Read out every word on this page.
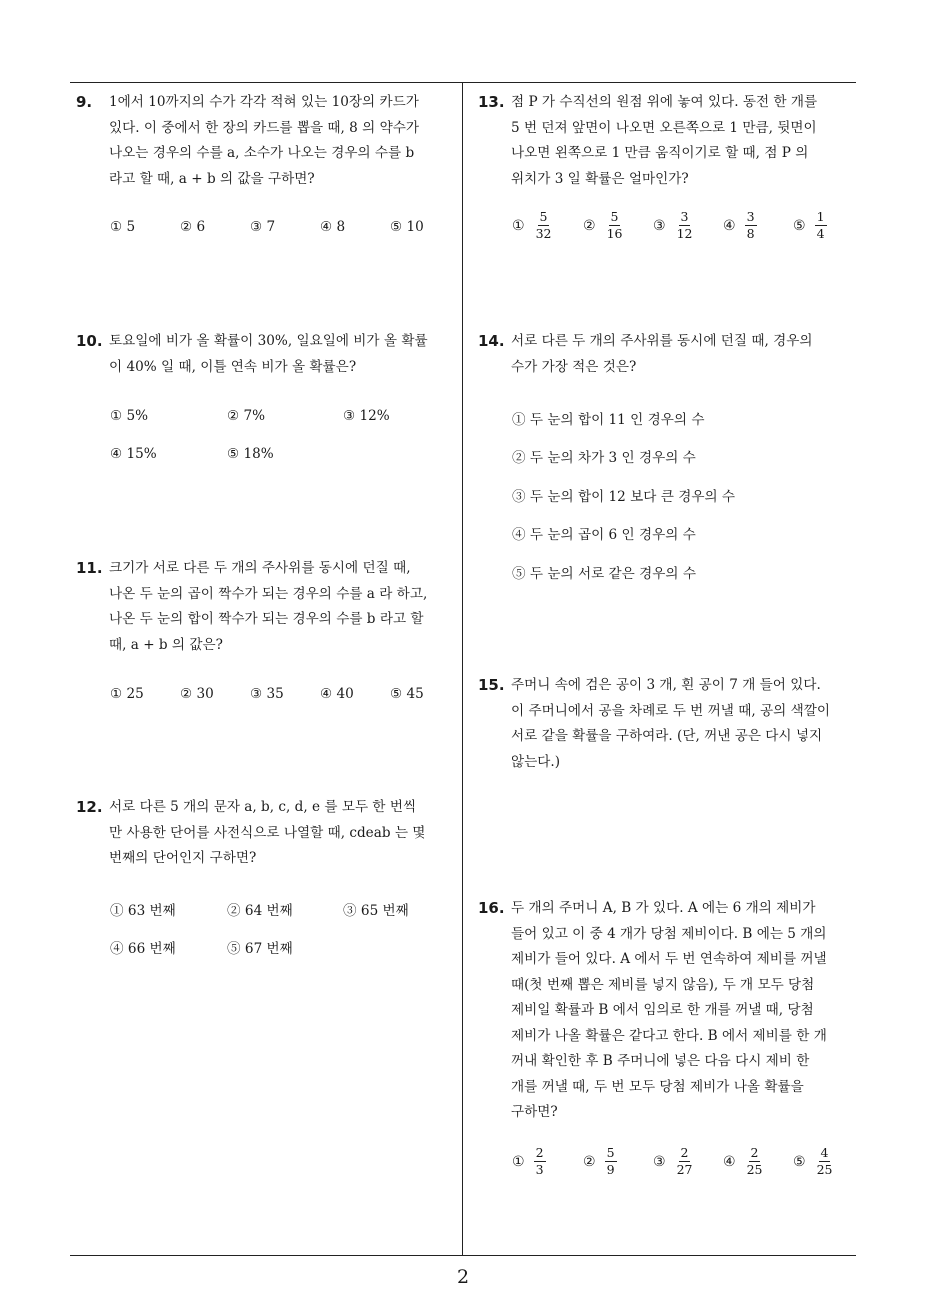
2
9. 1에서 10까지의 수가 각각 적혀 있는 10장의 카드가
있다. 이 중에서 한 장의 카드를 뽑을 때, 8 의 약수가
나오는 경우의 수를 a, 소수가 나오는 경우의 수를 b
라고 할 때, a + b 의 값을 구하면?
① 5	② 6	③ 7	④ 8	⑤ 10
10. 토요일에 비가 올 확률이 30%, 일요일에 비가 올 확률
이 40% 일 때, 이틀 연속 비가 올 확률은?
① 5%	② 7%	③ 12%
④ 15%	⑤ 18%
11. 크기가 서로 다른 두 개의 주사위를 동시에 던질 때,
나온 두 눈의 곱이 짝수가 되는 경우의 수를 a 라 하고,
나온 두 눈의 합이 짝수가 되는 경우의 수를 b 라고 할
때, a + b 의 값은?
① 25	② 30	③ 35	④ 40	⑤ 45
12. 서로 다른 5 개의 문자 a, b, c, d, e 를 모두 한 번씩
만 사용한 단어를 사전식으로 나열할 때, cdeab 는 몇
번째의 단어인지 구하면?
① 63 번째	② 64 번째	③ 65 번째
④ 66 번째	⑤ 67 번째
13. 점 P 가 수직선의 원점 위에 놓여 있다. 동전 한 개를
5 번 던져 앞면이 나오면 오른쪽으로 1 만큼, 뒷면이
나오면 왼쪽으로 1 만큼 움직이기로 할 때, 점 P 의
위치가 3 일 확률은 얼마인가?
① $\frac{5}{32}$ ② $\frac{5}{16}$ ③ $\frac{3}{12}$ ④ $\frac{3}{8}$	⑤ $\frac{1}{4}$
14. 서로 다른 두 개의 주사위를 동시에 던질 때, 경우의
수가 가장 적은 것은?
① 두 눈의 합이 11 인 경우의 수
② 두 눈의 차가 3 인 경우의 수
③ 두 눈의 합이 12 보다 큰 경우의 수
④ 두 눈의 곱이 6 인 경우의 수
⑤ 두 눈의 서로 같은 경우의 수
15. 주머니 속에 검은 공이 3 개, 흰 공이 7 개 들어 있다.
이 주머니에서 공을 차례로 두 번 꺼낼 때, 공의 색깔이
서로 같을 확률을 구하여라. (단, 꺼낸 공은 다시 넣지
않는다.)
16. 두 개의 주머니 A, B 가 있다. A 에는 6 개의 제비가
들어 있고 이 중 4 개가 당첨 제비이다. B 에는 5 개의
제비가 들어 있다. A 에서 두 번 연속하여 제비를 꺼낼
때(첫 번째 뽑은 제비를 넣지 않음), 두 개 모두 당첨
제비일 확률과 B 에서 임의로 한 개를 꺼낼 때, 당첨
제비가 나올 확률은 같다고 한다. B 에서 제비를 한 개
꺼내 확인한 후 B 주머니에 넣은 다음 다시 제비 한
개를 꺼낼 때, 두 번 모두 당첨 제비가 나올 확률을
구하면?
① $\frac{2}{3}$	② $\frac{5}{9}$	③ $\frac{2}{27}$ ④ $\frac{2}{25}$ ⑤ $\frac{4}{25}$
